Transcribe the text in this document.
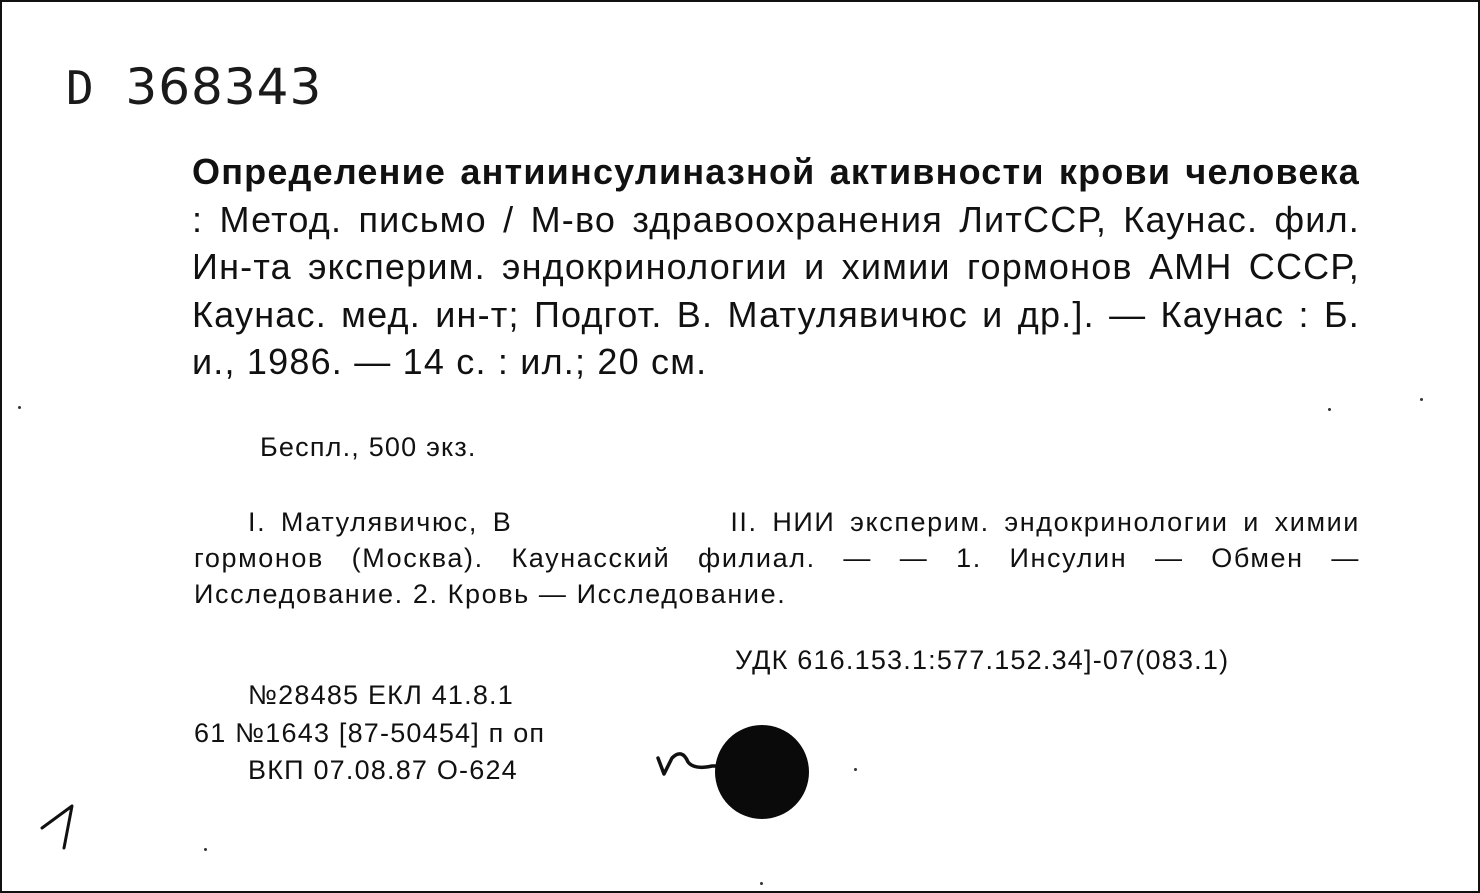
D 368343
Определение антиинсулиназной активности крови человека : Метод. письмо / М-во здравоохранения ЛитССР, Каунас. фил. Ин-та эксперим. эндокринологии и химии гормонов АМН СССР, Каунас. мед. ин-т; Подгот. В. Матулявичюс и др.]. — Каунас : Б. и., 1986. — 14 с. : ил.; 20 см.
Беспл., 500 экз.
I. Матулявичюс, В	II. НИИ эксперим. эндокринологии и химии гормонов (Москва). Каунасский филиал. — — 1. Инсулин — Обмен — Исследование. 2. Кровь — Исследование.
УДК 616.153.1:577.152.34]-07(083.1)
№28485 ЕКЛ 41.8.1
61 №1643 [87-50454] п оп
ВКП 07.08.87 О-624
